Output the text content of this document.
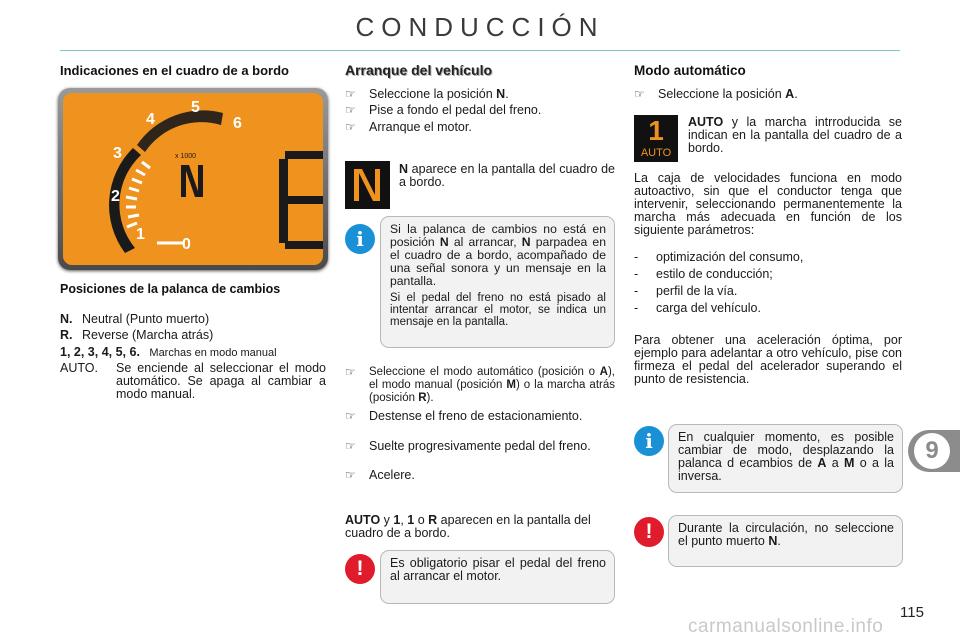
CONDUCCIÓN
Indicaciones en el cuadro de a bordo
x 1000
0
1
2
3
4
5
6
Posiciones de la palanca de cambios
N. Neutral (Punto muerto)
R. Reverse (Marcha atrás)
1, 2, 3, 4, 5, 6. Marchas en modo manual
AUTO. Se enciende al seleccionar el modo automático. Se apaga al cambiar a modo manual.
Arranque del vehículo
☞ Seleccione la posición N.
☞ Pise a fondo el pedal del freno.
☞ Arranque el motor.
N aparece en la pantalla del cuadro de a bordo.
i	Si la palanca de cambios no está en posición N al arrancar, N parpadea en el cuadro de a bordo, acompañado de una señal sonora y un mensaje en la pantalla.
Si el pedal del freno no está pisado al intentar arrancar el motor, se indica un mensaje en la pantalla.
☞ Seleccione el modo automático (posición o A), el modo manual (posición M) o la marcha atrás (posición R).
☞ Destense el freno de estacionamiento.
☞ Suelte progresivamente pedal del freno.
☞ Acelere.
AUTO y 1, 1 o R aparecen en la pantalla del cuadro de a bordo.
!	Es obligatorio pisar el pedal del freno al arrancar el motor.
Modo automático
☞ Seleccione la posición A.
1
AUTO
AUTO y la marcha intrroducida se indican en la pantalla del cuadro de a bordo.
La caja de velocidades funciona en modo autoactivo, sin que el conductor tenga que intervenir, seleccionando permanentemente la marcha más adecuada en función de los siguiente parámetros:
- optimización del consumo,
- estilo de conducción;
- perfil de la vía.
- carga del vehículo.
Para obtener una aceleración óptima, por ejemplo para adelantar a otro vehículo, pise con firmeza el pedal del acelerador superando el punto de resistencia.
i	En cualquier momento, es posible cambiar de modo, desplazando la palanca d ecambios de A a M o a la inversa.
!	Durante la circulación, no seleccione el punto muerto N.
9
115
carmanualsonline.info
